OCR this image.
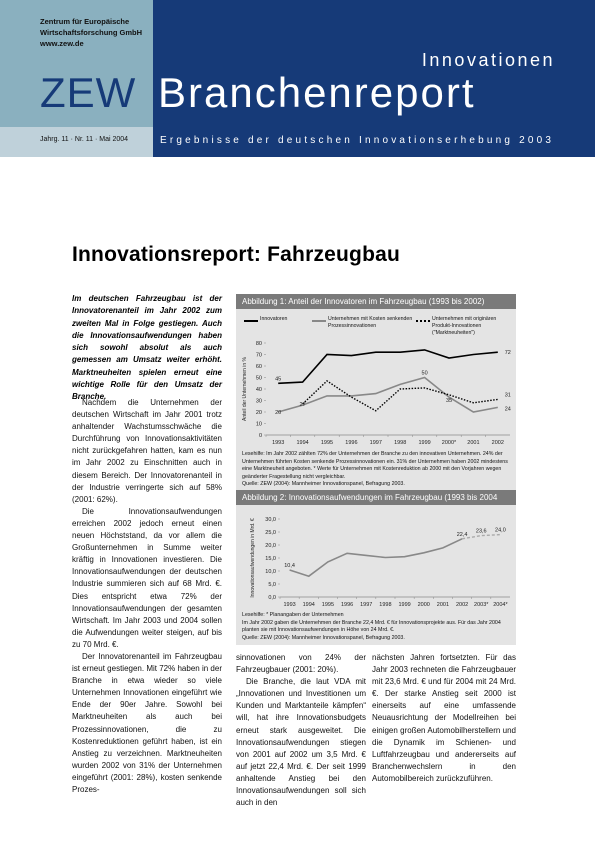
Zentrum für Europäische
Wirtschaftsforschung GmbH
www.zew.de
ZEW
Innovationen
Branchenreport
Jahrg. 11 · Nr. 11 · Mai 2004	Ergebnisse der deutschen Innovationserhebung 2003
Innovationsreport: Fahrzeugbau

Im deutschen Fahrzeugbau ist der Innovatorenanteil im Jahr 2002 zum zweiten Mal in Folge gestiegen. Auch die Innovationsaufwendungen haben sich sowohl absolut als auch gemessen am Umsatz weiter erhöht. Marktneuheiten spielen erneut eine wichtige Rolle für den Umsatz der Branche.

Nachdem die Unternehmen der deutschen Wirtschaft im Jahr 2001 trotz anhaltender Wachstumsschwäche die Durchführung von Innovationsaktivitäten nicht zurückgefahren hatten, kam es nun im Jahr 2002 zu Einschnitten auch in diesem Bereich. Der Innovatorenanteil in der Industrie verringerte sich auf 58% (2001: 62%).

Die Innovationsaufwendungen erreichen 2002 jedoch erneut einen neuen Höchststand, da vor allem die Großunternehmen in Summe weiter kräftig in Innovationen investieren. Die Innovationsaufwendungen der deutschen Industrie summieren sich auf 68 Mrd. €. Dies entspricht etwa 72% der Innovationsaufwendungen der gesamten Wirtschaft. Im Jahr 2003 und 2004 sollen die Aufwendungen weiter steigen, auf bis zu 70 Mrd. €.

Der Innovatorenanteil im Fahrzeugbau ist erneut gestiegen. Mit 72% haben in der Branche in etwa wieder so viele Unternehmen Innovationen eingeführt wie Ende der 90er Jahre. Sowohl bei Marktneuheiten als auch bei Prozessinnovationen, die zu Kostenreduktionen geführt haben, ist ein Anstieg zu verzeichnen. Marktneuheiten wurden 2002 von 31% der Unternehmen eingeführt (2001: 28%), kosten senkende Prozes-

sinnovationen von 24% der Fahrzeugbauer (2001: 20%).

Die Branche, die laut VDA mit „Innovationen und Investitionen um Kunden und Marktanteile kämpfen“ will, hat ihre Innovationsbudgets erneut stark ausgeweitet. Die Innovationsaufwendungen stiegen von 2001 auf 2002 um 3,5 Mrd. € auf jetzt 22,4 Mrd. €. Der seit 1999 anhaltende Anstieg bei den Innovationsaufwendungen soll sich auch in den

nächsten Jahren fortsetzten. Für das Jahr 2003 rechneten die Fahrzeugbauer mit 23,6 Mrd. € und für 2004 mit 24 Mrd. €. Der starke Anstieg seit 2000 ist einerseits auf eine umfassende Neuausrichtung der Modellreihen bei einigen großen Automobilherstellern und die Dynamik im Schienen- und Luftfahrzeugbau und andererseits auf Branchenwechslern in den Automobilbereich zurückzuführen.

Abbildung 1: Anteil der Innovatoren im Fahrzeugbau (1993 bis 2002)
Innovatoren	Unternehmen mit Kosten senkenden Prozessinnovationen
Unternehmen mit originären Produkt-Innovationen ("Marktneuheiten")
0
10
20
30
40
50
60
70
80
1993 1994 1995 1996 1997 1998 1999 2000* 2001 2002
Anteil der Unternehmen in %	45
20
27
50
35
72
31
24
Lesehilfe: Im Jahr 2002 zählten 72% der Unternehmen der Branche zu den innovativen Unternehmen. 24% der Unternehmen führten Kosten senkende Prozessinnovationen ein. 31% der Unternehmen haben 2002 mindestens eine Marktneuheit angeboten. * Werte für Unternehmen mit Kostenreduktion ab 2000 mit den Vorjahren wegen geänderter Fragestellung nicht vergleichbar.
Quelle: ZEW (2004): Mannheimer Innovationspanel, Befragung 2003.
Abbildung 2: Innovationsaufwendungen im Fahrzeugbau (1993 bis 2004
0,0
5,0
10,0
15,0
20,0
25,0
30,0
1993 1994 1995 1996 1997 1998 1999 2000 2001 2002 2003* 2004*
Innovationsaufwendungen in Mrd. €	10,4
22,4
23,6 24,0
Lesehilfe: * Planangaben der Unternehmen
Im Jahr 2002 gaben die Unternehmen der Branche 22,4 Mrd. € für Innovationsprojekte aus. Für das Jahr 2004 planten sie mit Innovationsaufwendungen in Höhe von 24 Mrd. €.
Quelle: ZEW (2004): Mannheimer Innovationspanel, Befragung 2003.
